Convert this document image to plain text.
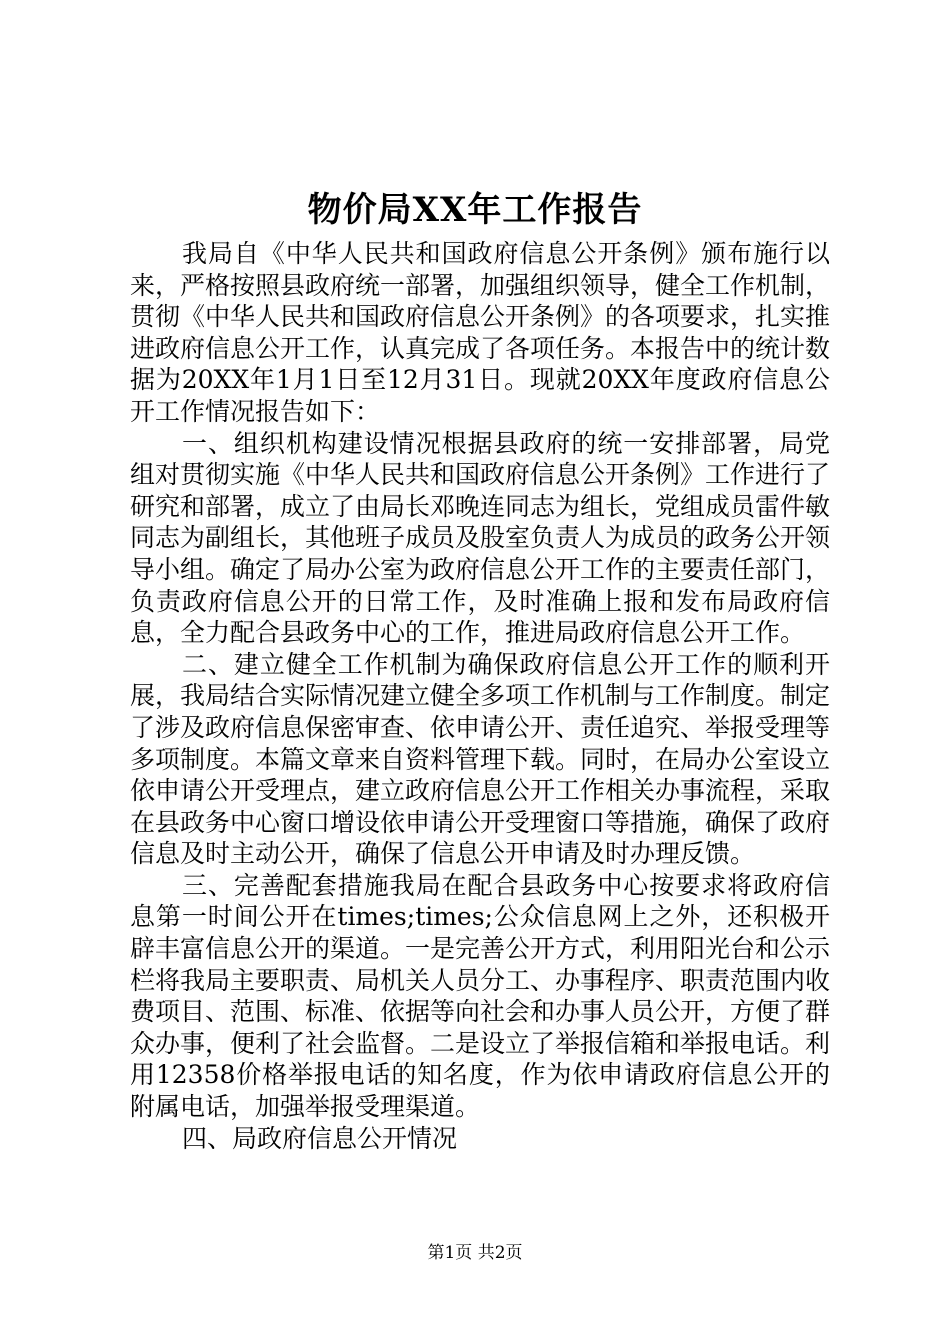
物价局XX年工作报告

我局自《中华人民共和国政府信息公开条例》颁布施行以来，严格按照县政府统一部署，加强组织领导，健全工作机制，贯彻《中华人民共和国政府信息公开条例》的各项要求，扎实推进政府信息公开工作，认真完成了各项任务。本报告中的统计数据为20XX年1月1日至12月31日。现就20XX年度政府信息公开工作情况报告如下：

一、组织机构建设情况根据县政府的统一安排部署，局党组对贯彻实施《中华人民共和国政府信息公开条例》工作进行了研究和部署，成立了由局长邓晚连同志为组长，党组成员雷件敏同志为副组长，其他班子成员及股室负责人为成员的政务公开领导小组。确定了局办公室为政府信息公开工作的主要责任部门，负责政府信息公开的日常工作，及时准确上报和发布局政府信息，全力配合县政务中心的工作，推进局政府信息公开工作。

二、建立健全工作机制为确保政府信息公开工作的顺利开展，我局结合实际情况建立健全多项工作机制与工作制度。制定了涉及政府信息保密审查、依申请公开、责任追究、举报受理等多项制度。本篇文章来自资料管理下载。同时，在局办公室设立依申请公开受理点，建立政府信息公开工作相关办事流程，采取在县政务中心窗口增设依申请公开受理窗口等措施，确保了政府信息及时主动公开，确保了信息公开申请及时办理反馈。

三、完善配套措施我局在配合县政务中心按要求将政府信息第一时间公开在times;times;公众信息网上之外，还积极开辟丰富信息公开的渠道。一是完善公开方式，利用阳光台和公示栏将我局主要职责、局机关人员分工、办事程序、职责范围内收费项目、范围、标准、依据等向社会和办事人员公开，方便了群众办事，便利了社会监督。二是设立了举报信箱和举报电话。利用12358价格举报电话的知名度，作为依申请政府信息公开的附属电话，加强举报受理渠道。

四、局政府信息公开情况

第1页 共2页
